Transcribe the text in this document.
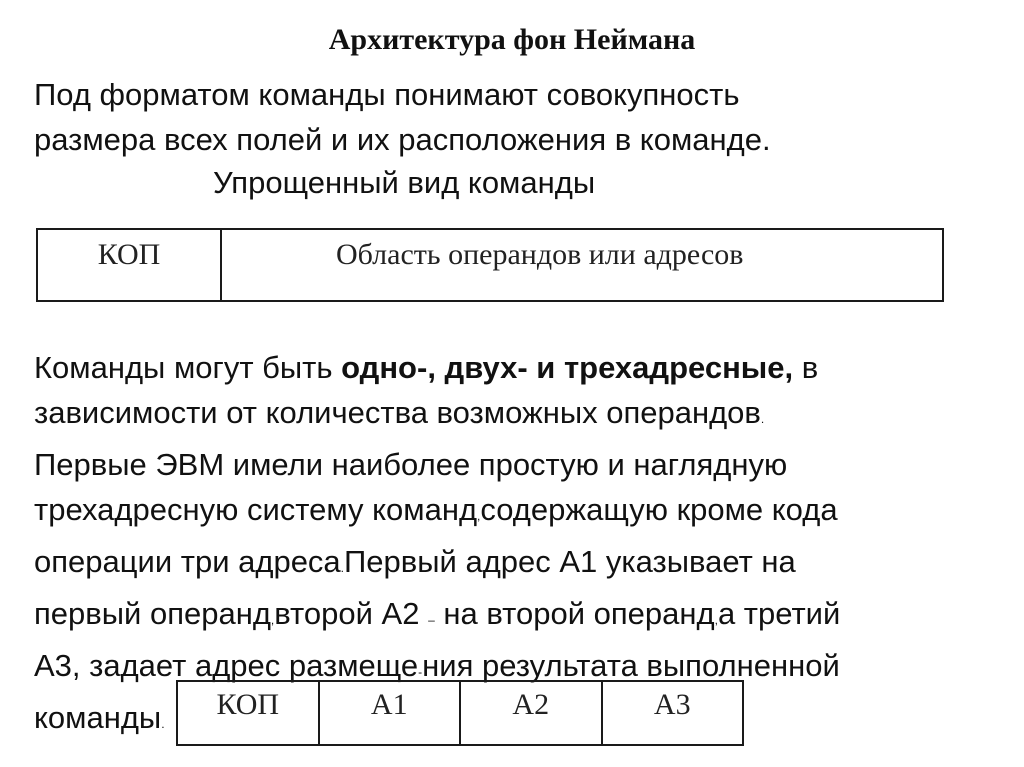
Архитектура фон Неймана
Под форматом команды понимают совокупность
размера всех полей и их расположения в команде.
Упрощенный вид команды
КОП	Область операндов или адресов
Команды могут быть одно-, двух- и трехадресные, в
зависимости от количества возможных операндов.
Первые ЭВМ имели наиболее простую и наглядную
трехадресную систему команд,содержащую кроме кода
операции три адреса.Первый адрес А1 указывает на
первый операнд,второй А2 – на второй операнд,а третий
А3, задает адрес размеще-ния результата выполненной
команды.
КОП	А1	А2	А3
